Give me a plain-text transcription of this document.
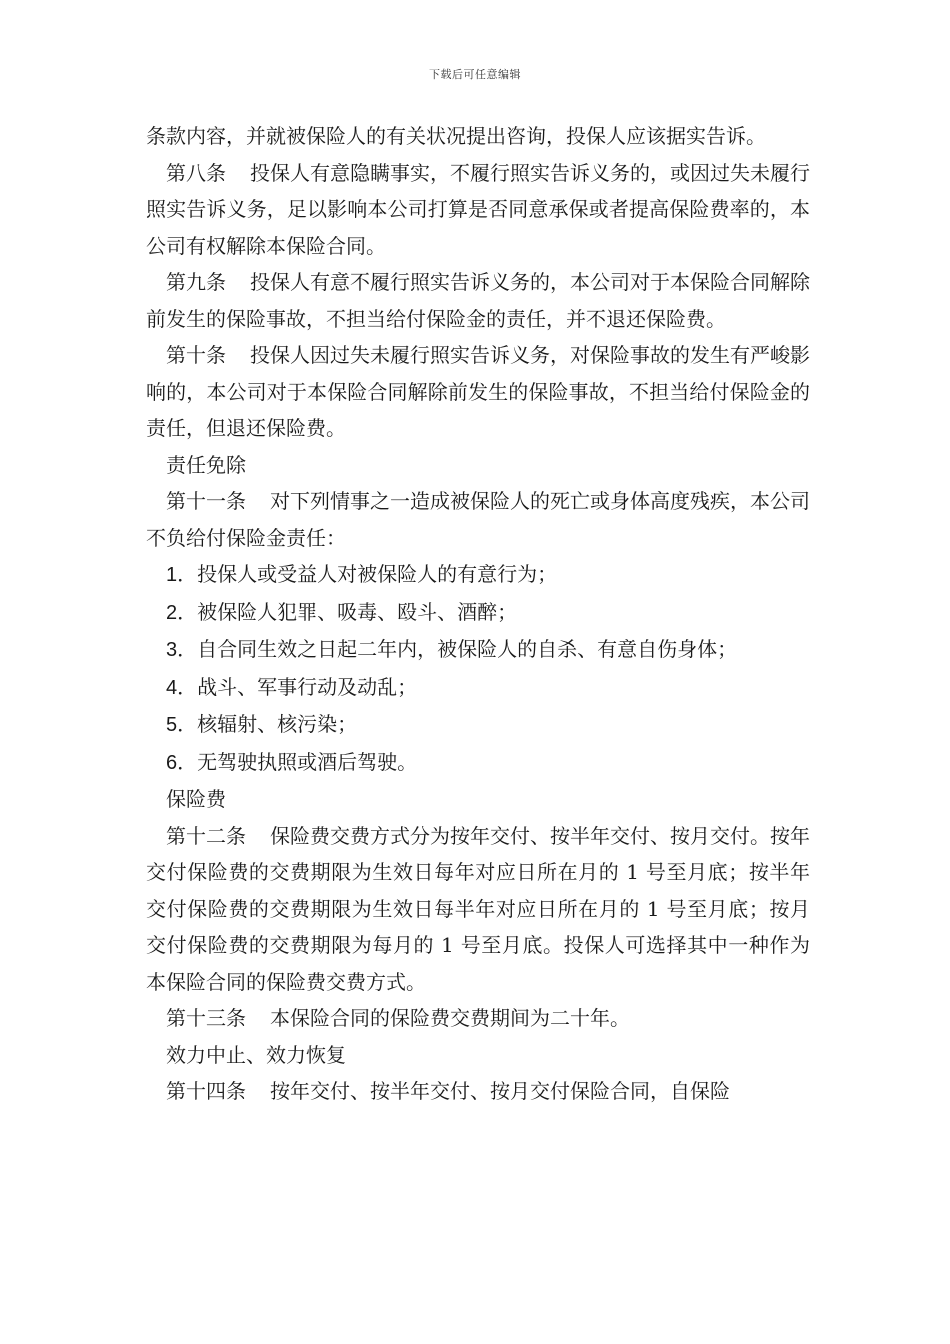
下载后可任意编辑

条款内容，并就被保险人的有关状况提出咨询，投保人应该据实告诉。

第八条 投保人有意隐瞒事实，不履行照实告诉义务的，或因过失未履行照实告诉义务，足以影响本公司打算是否同意承保或者提高保险费率的，本公司有权解除本保险合同。

第九条 投保人有意不履行照实告诉义务的，本公司对于本保险合同解除前发生的保险事故，不担当给付保险金的责任，并不退还保险费。

第十条 投保人因过失未履行照实告诉义务，对保险事故的发生有严峻影响的，本公司对于本保险合同解除前发生的保险事故，不担当给付保险金的责任，但退还保险费。

责任免除

第十一条 对下列情事之一造成被保险人的死亡或身体高度残疾，本公司不负给付保险金责任：

1．投保人或受益人对被保险人的有意行为；

2．被保险人犯罪、吸毒、殴斗、酒醉；

3．自合同生效之日起二年内，被保险人的自杀、有意自伤身体；

4．战斗、军事行动及动乱；

5．核辐射、核污染；

6．无驾驶执照或酒后驾驶。

保险费

第十二条 保险费交费方式分为按年交付、按半年交付、按月交付。按年交付保险费的交费期限为生效日每年对应日所在月的 1 号至月底；按半年交付保险费的交费期限为生效日每半年对应日所在月的 1 号至月底；按月交付保险费的交费期限为每月的 1 号至月底。投保人可选择其中一种作为本保险合同的保险费交费方式。

第十三条 本保险合同的保险费交费期间为二十年。

效力中止、效力恢复

第十四条 按年交付、按半年交付、按月交付保险合同，自保险
